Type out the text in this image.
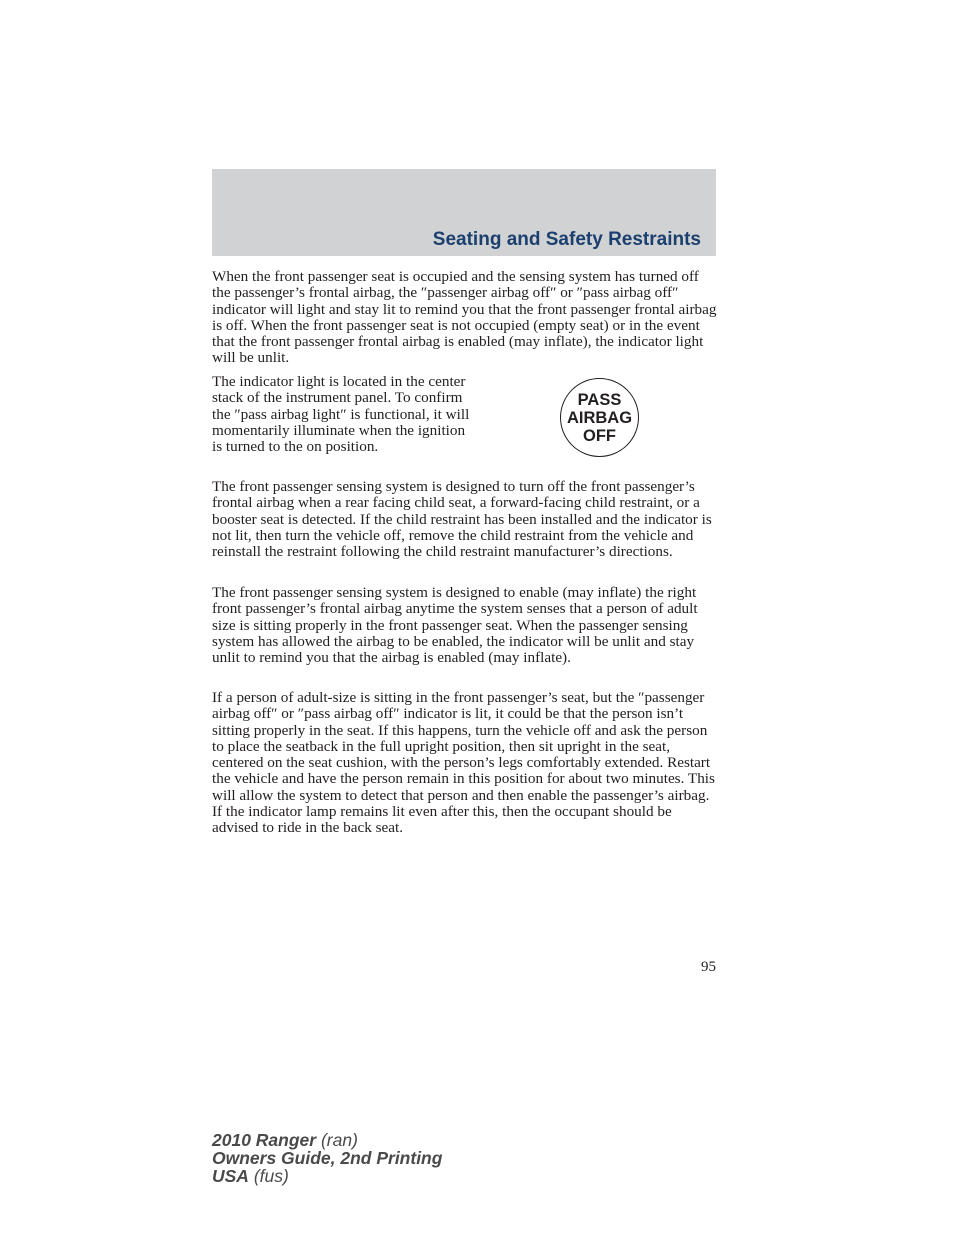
Seating and Safety Restraints

When the front passenger seat is occupied and the sensing system has turned off the passenger’s frontal airbag, the ″passenger airbag off″ or ″pass airbag off″ indicator will light and stay lit to remind you that the front passenger frontal airbag is off. When the front passenger seat is not occupied (empty seat) or in the event that the front passenger frontal airbag is enabled (may inflate), the indicator light will be unlit.

The indicator light is located in the center stack of the instrument panel. To confirm the ″pass airbag light″ is functional, it will momentarily illuminate when the ignition is turned to the on position.

PASS
AIRBAG
OFF

The front passenger sensing system is designed to turn off the front passenger’s frontal airbag when a rear facing child seat, a forward-facing child restraint, or a booster seat is detected. If the child restraint has been installed and the indicator is not lit, then turn the vehicle off, remove the child restraint from the vehicle and reinstall the restraint following the child restraint manufacturer’s directions.

The front passenger sensing system is designed to enable (may inflate) the right front passenger’s frontal airbag anytime the system senses that a person of adult size is sitting properly in the front passenger seat. When the passenger sensing system has allowed the airbag to be enabled, the indicator will be unlit and stay unlit to remind you that the airbag is enabled (may inflate).

If a person of adult-size is sitting in the front passenger’s seat, but the ″passenger airbag off″ or ″pass airbag off″ indicator is lit, it could be that the person isn’t sitting properly in the seat. If this happens, turn the vehicle off and ask the person to place the seatback in the full upright position, then sit upright in the seat, centered on the seat cushion, with the person’s legs comfortably extended. Restart the vehicle and have the person remain in this position for about two minutes. This will allow the system to detect that person and then enable the passenger’s airbag. If the indicator lamp remains lit even after this, then the occupant should be advised to ride in the back seat.

95
2010 Ranger (ran)
Owners Guide, 2nd Printing
USA (fus)
